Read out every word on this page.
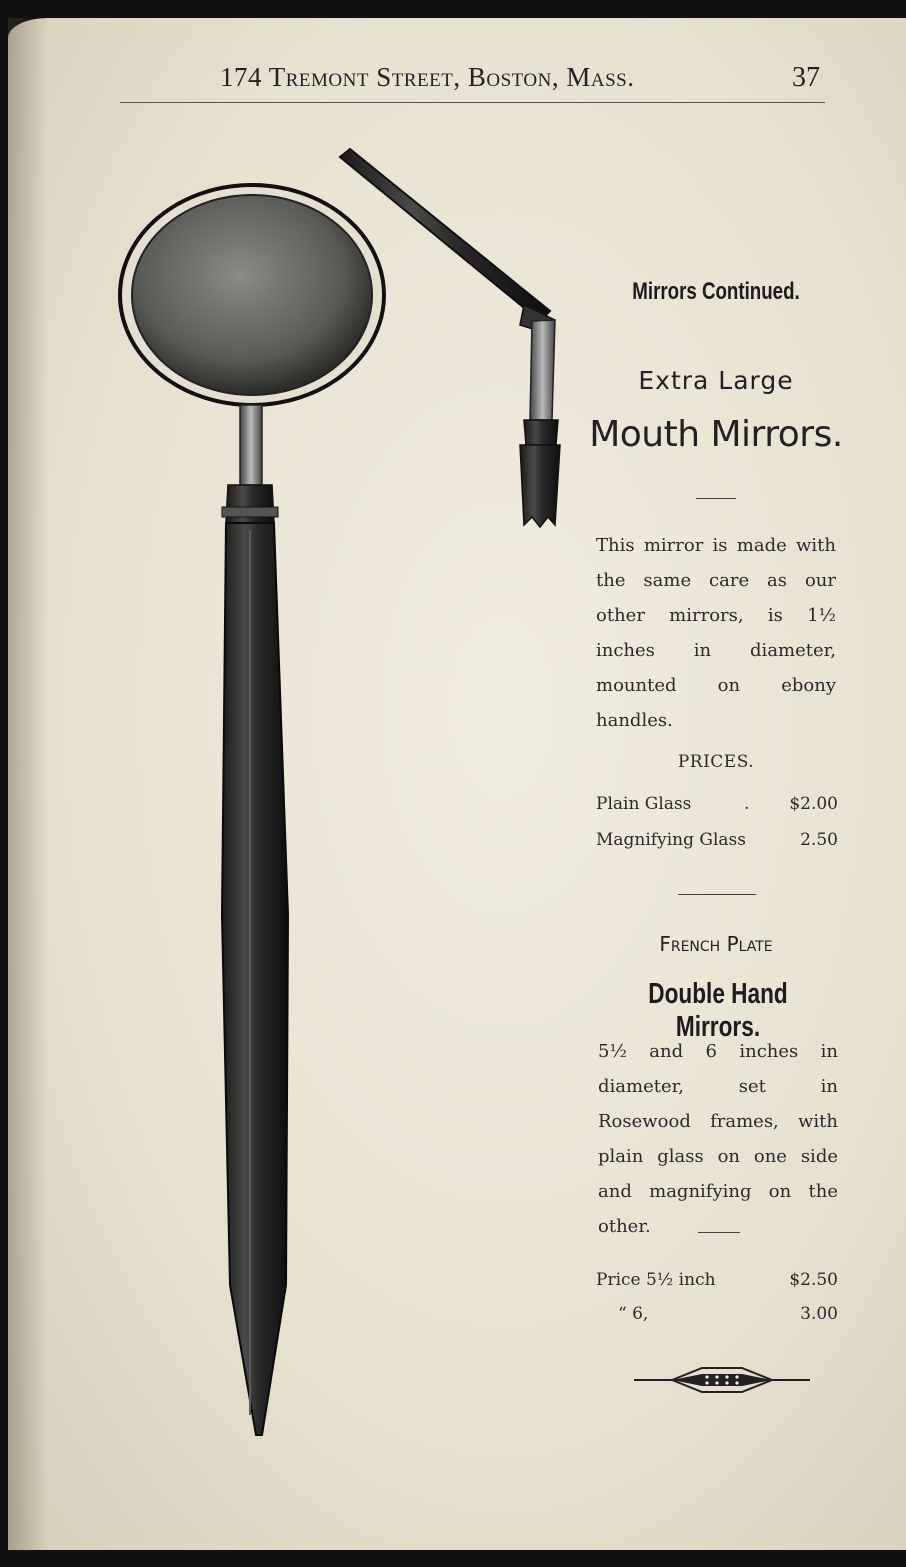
174 Tremont Street, Boston, Mass.	37
Mirrors Continued.
Extra Large
Mouth Mirrors.
This mirror is made with the same care as our other mirrors, is 1½ inches in diameter, mounted on ebony handles.
PRICES.
Plain Glass	. $2.00
Magnifying Glass	2.50
French Plate
Double Hand Mirrors.
5½ and 6 inches in diameter, set in Rosewood frames, with plain glass on one side and magnifying on the other.
Price 5½ inch	$2.50
“ 6,	3.00
